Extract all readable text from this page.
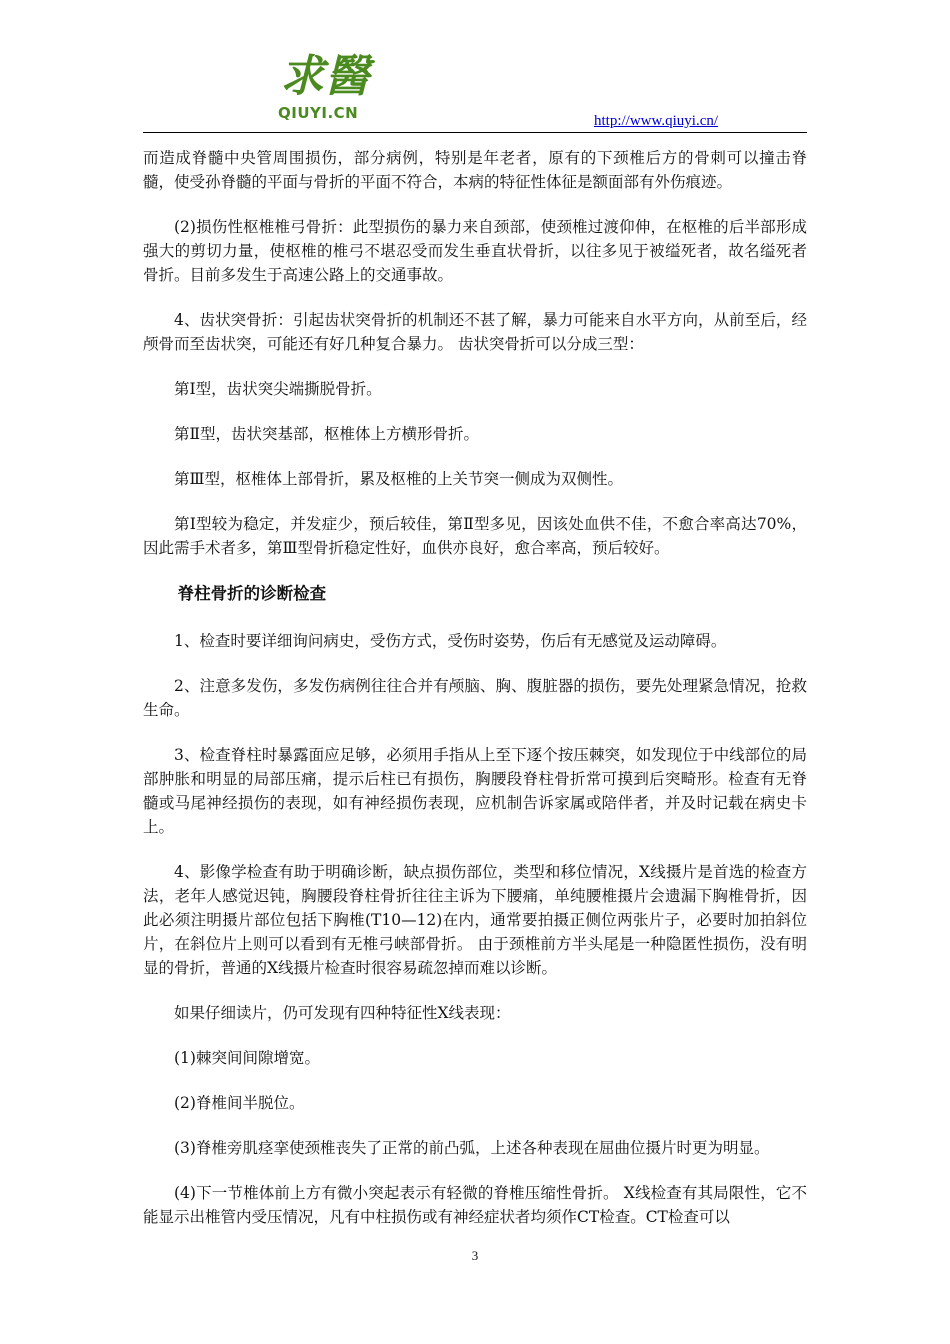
求醫
QIUYI.CN	http://www.qiuyi.cn/

而造成脊髓中央管周围损伤，部分病例，特别是年老者，原有的下颈椎后方的骨刺可以撞击脊髓，使受孙脊髓的平面与骨折的平面不符合，本病的特征性体征是额面部有外伤痕迹。

(2)损伤性枢椎椎弓骨折：此型损伤的暴力来自颈部，使颈椎过渡仰伸，在枢椎的后半部形成强大的剪切力量，使枢椎的椎弓不堪忍受而发生垂直状骨折，以往多见于被缢死者，故名缢死者骨折。目前多发生于高速公路上的交通事故。

4、齿状突骨折：引起齿状突骨折的机制还不甚了解，暴力可能来自水平方向，从前至后，经颅骨而至齿状突，可能还有好几种复合暴力。 齿状突骨折可以分成三型：

第Ⅰ型，齿状突尖端撕脱骨折。

第Ⅱ型，齿状突基部，枢椎体上方横形骨折。

第Ⅲ型，枢椎体上部骨折，累及枢椎的上关节突一侧成为双侧性。

第Ⅰ型较为稳定，并发症少，预后较佳，第Ⅱ型多见，因该处血供不佳，不愈合率高达70%，因此需手术者多，第Ⅲ型骨折稳定性好，血供亦良好，愈合率高，预后较好。

脊柱骨折的诊断检查

1、检查时要详细询问病史，受伤方式，受伤时姿势，伤后有无感觉及运动障碍。

2、注意多发伤，多发伤病例往往合并有颅脑、胸、腹脏器的损伤，要先处理紧急情况，抢救生命。

3、检查脊柱时暴露面应足够，必须用手指从上至下逐个按压棘突，如发现位于中线部位的局部肿胀和明显的局部压痛，提示后柱已有损伤，胸腰段脊柱骨折常可摸到后突畸形。检查有无脊髓或马尾神经损伤的表现，如有神经损伤表现，应机制告诉家属或陪伴者，并及时记载在病史卡上。

4、影像学检查有助于明确诊断，缺点损伤部位，类型和移位情况，X线摄片是首选的检查方法，老年人感觉迟钝，胸腰段脊柱骨折往往主诉为下腰痛，单纯腰椎摄片会遗漏下胸椎骨折，因此必须注明摄片部位包括下胸椎(T10—12)在内，通常要拍摄正侧位两张片子，必要时加拍斜位片，在斜位片上则可以看到有无椎弓峡部骨折。 由于颈椎前方半头尾是一种隐匿性损伤，没有明显的骨折，普通的X线摄片检查时很容易疏忽掉而难以诊断。

如果仔细读片，仍可发现有四种特征性X线表现：

(1)棘突间间隙增宽。

(2)脊椎间半脱位。

(3)脊椎旁肌痉挛使颈椎丧失了正常的前凸弧，上述各种表现在屈曲位摄片时更为明显。

(4)下一节椎体前上方有微小突起表示有轻微的脊椎压缩性骨折。 X线检查有其局限性，它不能显示出椎管内受压情况，凡有中柱损伤或有神经症状者均须作CT检查。CT检查可以

3
